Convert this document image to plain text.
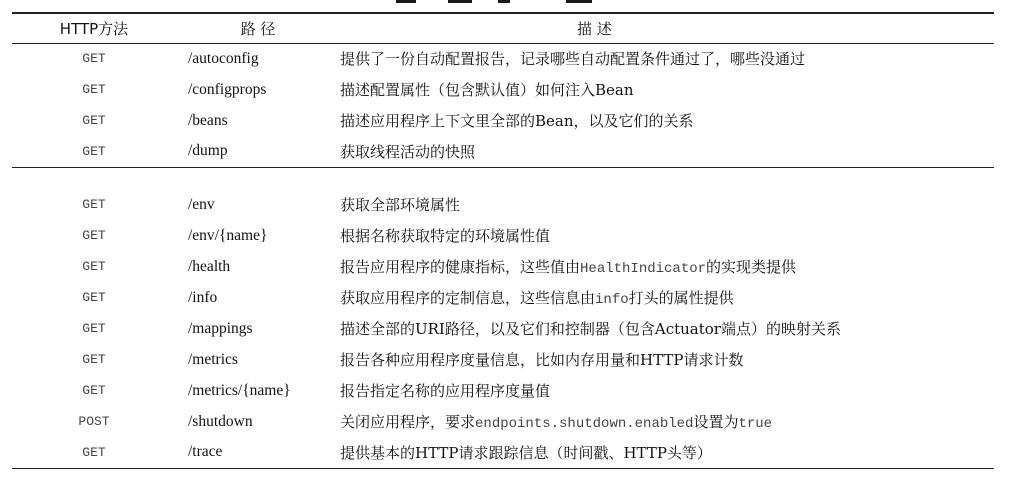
HTTP方法	路 径	描 述
GET	/autoconfig	提供了一份自动配置报告，记录哪些自动配置条件通过了，哪些没通过
GET	/configprops	描述配置属性（包含默认值）如何注入Bean
GET	/beans	描述应用程序上下文里全部的Bean，以及它们的关系
GET	/dump	获取线程活动的快照
GET	/env	获取全部环境属性
GET	/env/{name}	根据名称获取特定的环境属性值
GET	/health	报告应用程序的健康指标，这些值由HealthIndicator的实现类提供
GET	/info	获取应用程序的定制信息，这些信息由info打头的属性提供
GET	/mappings	描述全部的URI路径，以及它们和控制器（包含Actuator端点）的映射关系
GET	/metrics	报告各种应用程序度量信息，比如内存用量和HTTP请求计数
GET	/metrics/{name}	报告指定名称的应用程序度量值
POST	/shutdown	关闭应用程序，要求endpoints.shutdown.enabled设置为true
GET	/trace	提供基本的HTTP请求跟踪信息（时间戳、HTTP头等）
